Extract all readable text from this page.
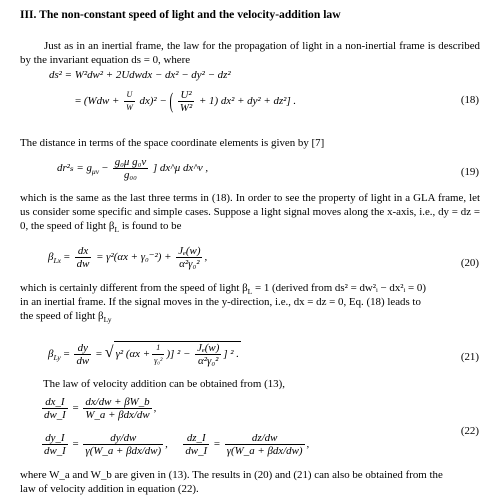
III. The non-constant speed of light and the velocity-addition law
Just as in an inertial frame, the law for the propagation of light in a non-inertial frame is described by the invariant equation ds = 0, where
ds² = W²dw² + 2Udwdx − dx² − dy² − dz²
= $(Wdw + \frac{U}{W} dx)^2$ − ( $\frac{\text{U²}}{\text{W²}} + 1$) dx² + dy² + dz²] .	(18)
The distance in terms of the space coordinate elements is given by [7]
$dr^2_s = g_{\mu\nu} - \frac{\text{g₀μ g₀ν}}{\text{g₀₀}}$ ] dx^μ dx^ν ,	(19)
which is the same as the last three terms in (18). In order to see the property of light in a GLA frame, let us consider some specific and simple cases. Suppose a light signal moves along the x-axis, i.e., dy = dz = 0, the speed of light $\beta_L$ is found to be
$\beta_{Lx} = \frac{dx}{dw} = \gamma^2(\alpha x + \gamma_0^{-2}) + \frac{\text{Jₑ(w)}}{\text{α²γ₀²}}$ ,	(20)
which is certainly different from the speed of light $\beta_L = 1$ (derived from ds² = dw²ᵢ − dx²ᵢ = 0)
in an inertial frame. If the signal moves in the y-direction, i.e., dx = dz = 0, Eq. (18) leads to
the speed of light $\beta_{Ly}$
$\beta_{Ly} = \frac{dy}{dw}$ = √ γ² ($\alpha x + \frac{1}{\text{γ₀²}}$ )] $^2 - \frac{\text{Jₑ(w)}}{\text{α²γ₀²}}$ ] ² .	(21)
The law of velocity addition can be obtained from (13),
$\frac{dx\_I}{dw\_I} = \frac{dx/dw + \beta W\_b}{\text{W\_a + βdx/dw}}$ ,
$\frac{dy\_I}{dw\_I} = \frac{dy/dw}{\text{γ(W\_a + βdx/dw)}}$ , $\frac{dz\_I}{dw\_I} = \frac{dz/dw}{\text{γ(W\_a + βdx/dw)}}$ ,
(22)
where W_a and W_b are given in (13). The results in (20) and (21) can also be obtained from the
law of velocity addition in equation (22).
